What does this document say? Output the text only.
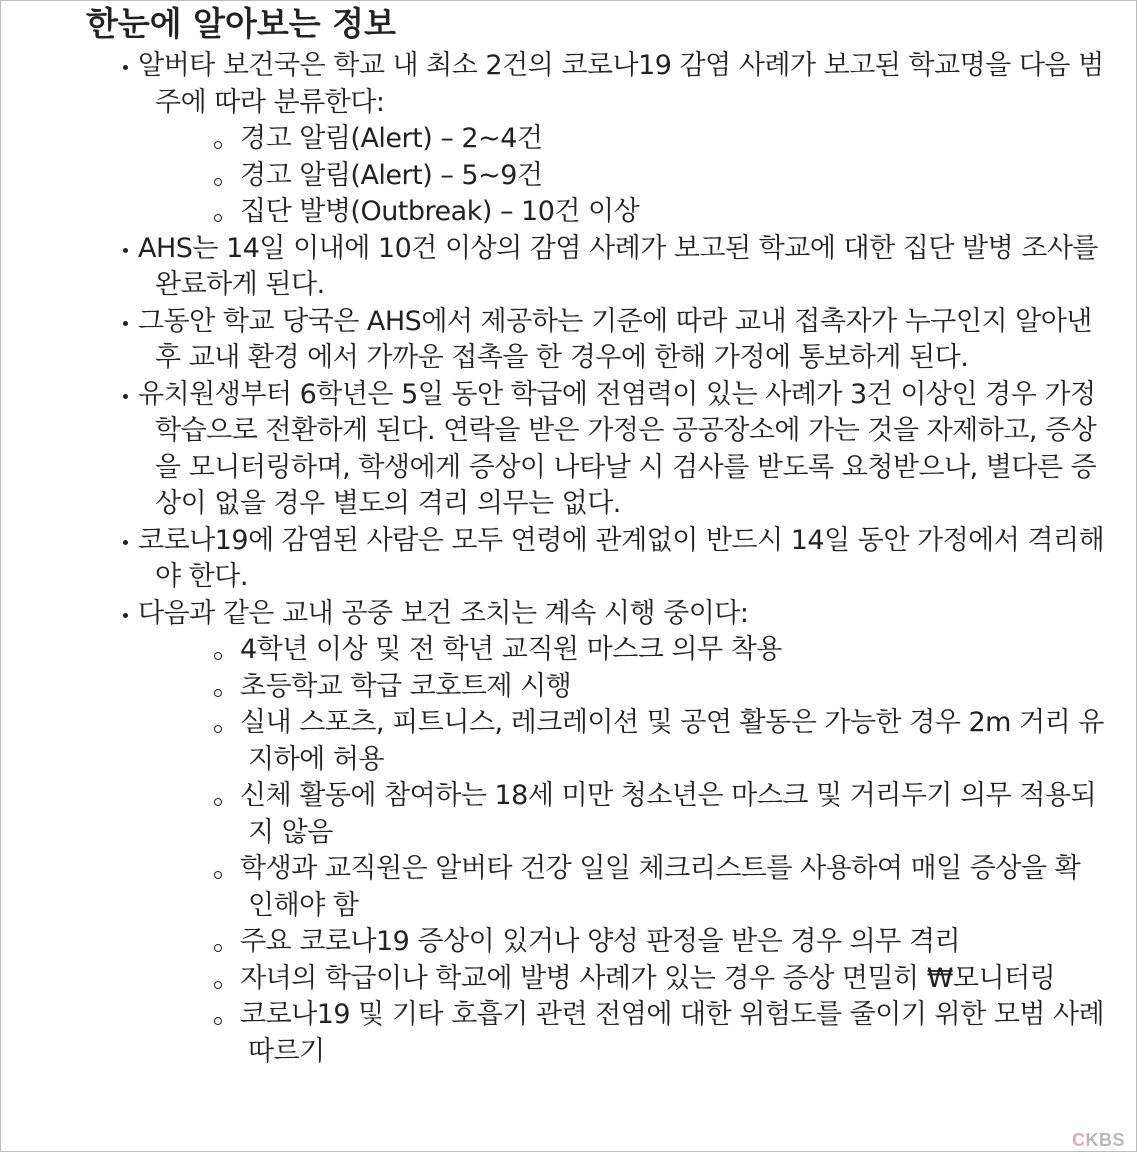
한눈에 알아보는 정보
알버타 보건국은 학교 내 최소 2건의 코로나19 감염 사례가 보고된 학교명을 다음 범주에 따라 분류한다:
경고 알림(Alert) – 2~4건
경고 알림(Alert) – 5~9건
집단 발병(Outbreak) – 10건 이상
AHS는 14일 이내에 10건 이상의 감염 사례가 보고된 학교에 대한 집단 발병 조사를 완료하게 된다.
그동안 학교 당국은 AHS에서 제공하는 기준에 따라 교내 접촉자가 누구인지 알아낸 후 교내 환경 에서 가까운 접촉을 한 경우에 한해 가정에 통보하게 된다.
유치원생부터 6학년은 5일 동안 학급에 전염력이 있는 사례가 3건 이상인 경우 가정 학습으로 전환하게 된다. 연락을 받은 가정은 공공장소에 가는 것을 자제하고, 증상을 모니터링하며, 학생에게 증상이 나타날 시 검사를 받도록 요청받으나, 별다른 증상이 없을 경우 별도의 격리 의무는 없다.
코로나19에 감염된 사람은 모두 연령에 관계없이 반드시 14일 동안 가정에서 격리해야 한다.
다음과 같은 교내 공중 보건 조치는 계속 시행 중이다:
4학년 이상 및 전 학년 교직원 마스크 의무 착용
초등학교 학급 코호트제 시행
실내 스포츠, 피트니스, 레크레이션 및 공연 활동은 가능한 경우 2m 거리 유지하에 허용
신체 활동에 참여하는 18세 미만 청소년은 마스크 및 거리두기 의무 적용되지 않음
학생과 교직원은 알버타 건강 일일 체크리스트를 사용하여 매일 증상을 확인해야 함
주요 코로나19 증상이 있거나 양성 판정을 받은 경우 의무 격리
자녀의 학급이나 학교에 발병 사례가 있는 경우 증상 면밀히 ₩모니터링
코로나19 및 기타 호흡기 관련 전염에 대한 위험도를 줄이기 위한 모범 사례 따르기
CKBS
